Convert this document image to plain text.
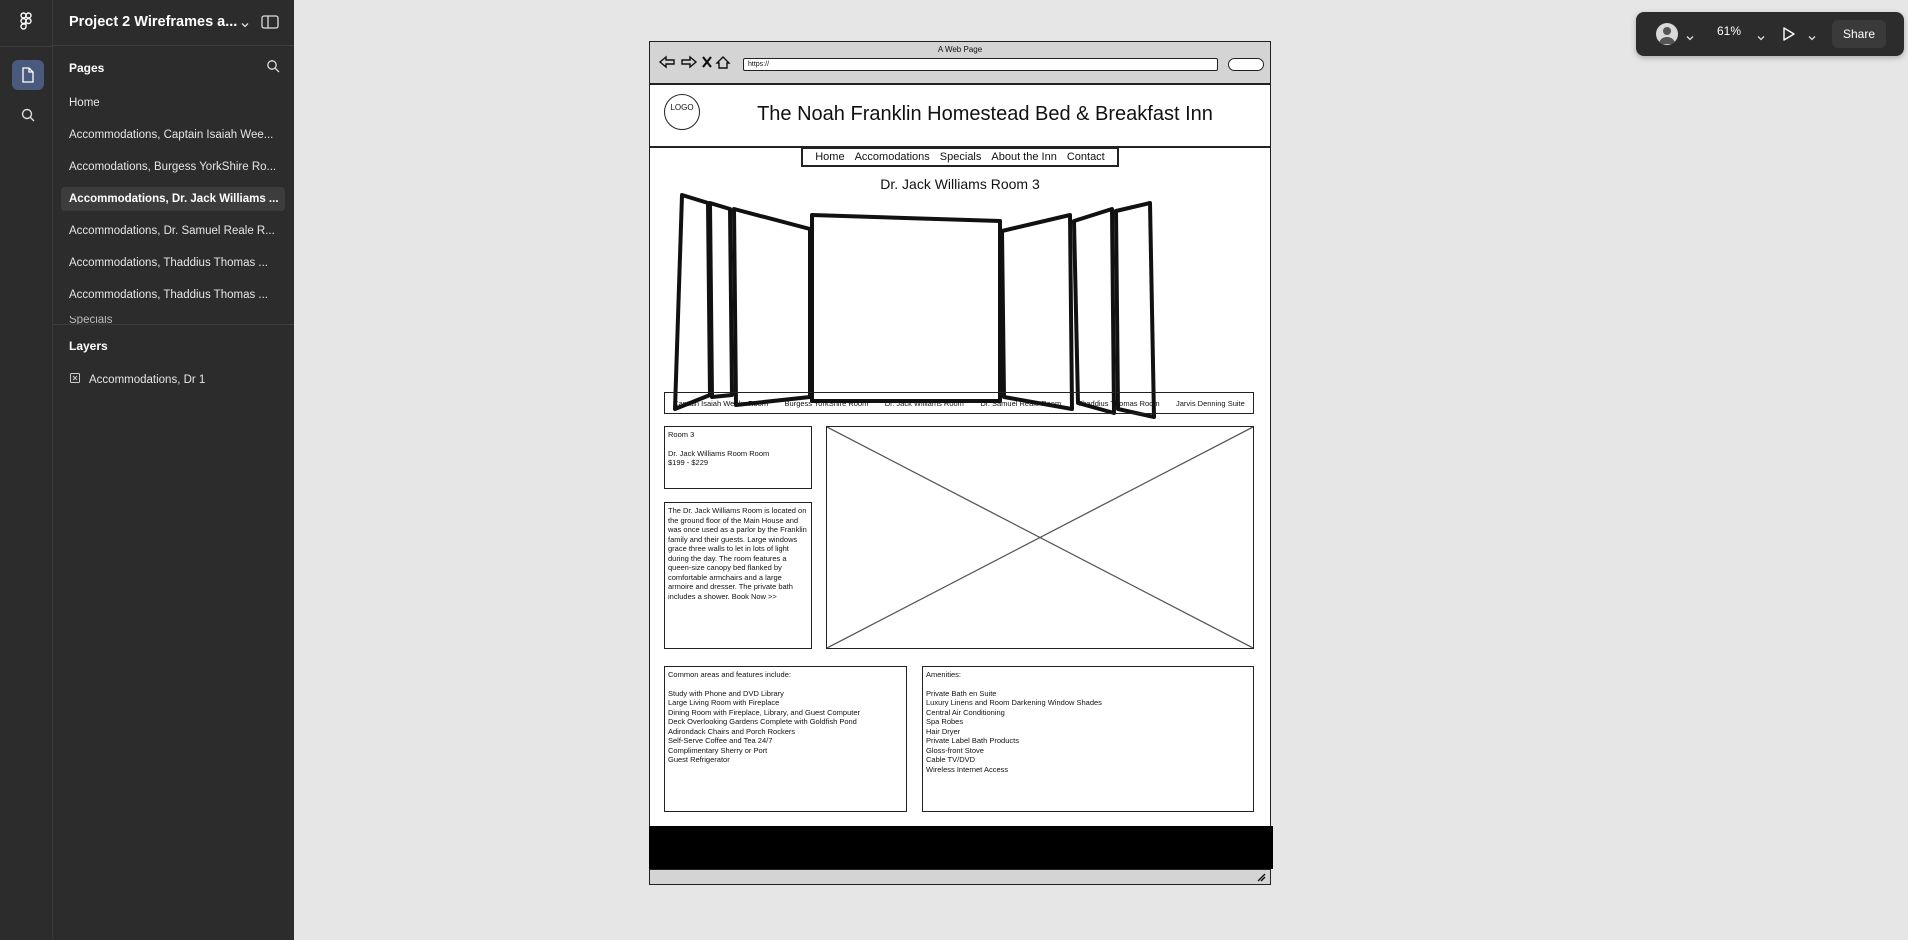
Project 2 Wireframes a...
Pages
Home
Accommodations, Captain Isaiah Wee...
Accomodations, Burgess YorkShire Ro...
Accommodations, Dr. Jack Williams ...
Accommodations, Dr. Samuel Reale R...
Accommodations, Thaddius Thomas ...
Accommodations, Thaddius Thomas ...
Specials
Layers
Accommodations, Dr 1
61%	Share
A Web Page
https://
LOGO	The Noah Franklin Homestead Bed & Breakfast Inn
Home Accomodations Specials About the Inn Contact
Dr. Jack Williams Room 3
Captain Isaiah Weeks Room Burgess YorkShire Room Dr. Jack Williams Room Dr. Samuel Reale Room Thaddius Thomas Room Jarvis Denning Suite
Room 3
Dr. Jack Williams Room Room
$199 - $229
The Dr. Jack Williams Room is located on the ground floor of the Main House and was once used as a parlor by the Franklin family and their guests. Large windows grace three walls to let in lots of light during the day. The room features a queen-size canopy bed flanked by comfortable armchairs and a large armoire and dresser. The private bath includes a shower. Book Now >>
Common areas and features include:
Study with Phone and DVD Library
Large Living Room with Fireplace
Dining Room with Fireplace, Library, and Guest Computer
Deck Overlooking Gardens Complete with Goldfish Pond
Adirondack Chairs and Porch Rockers
Self-Serve Coffee and Tea 24/7
Complimentary Sherry or Port
Guest Refrigerator
Amenities:
Private Bath en Suite
Luxury Linens and Room Darkening Window Shades
Central Air Conditioning
Spa Robes
Hair Dryer
Private Label Bath Products
Gloss-front Stove
Cable TV/DVD
Wireless Internet Access
